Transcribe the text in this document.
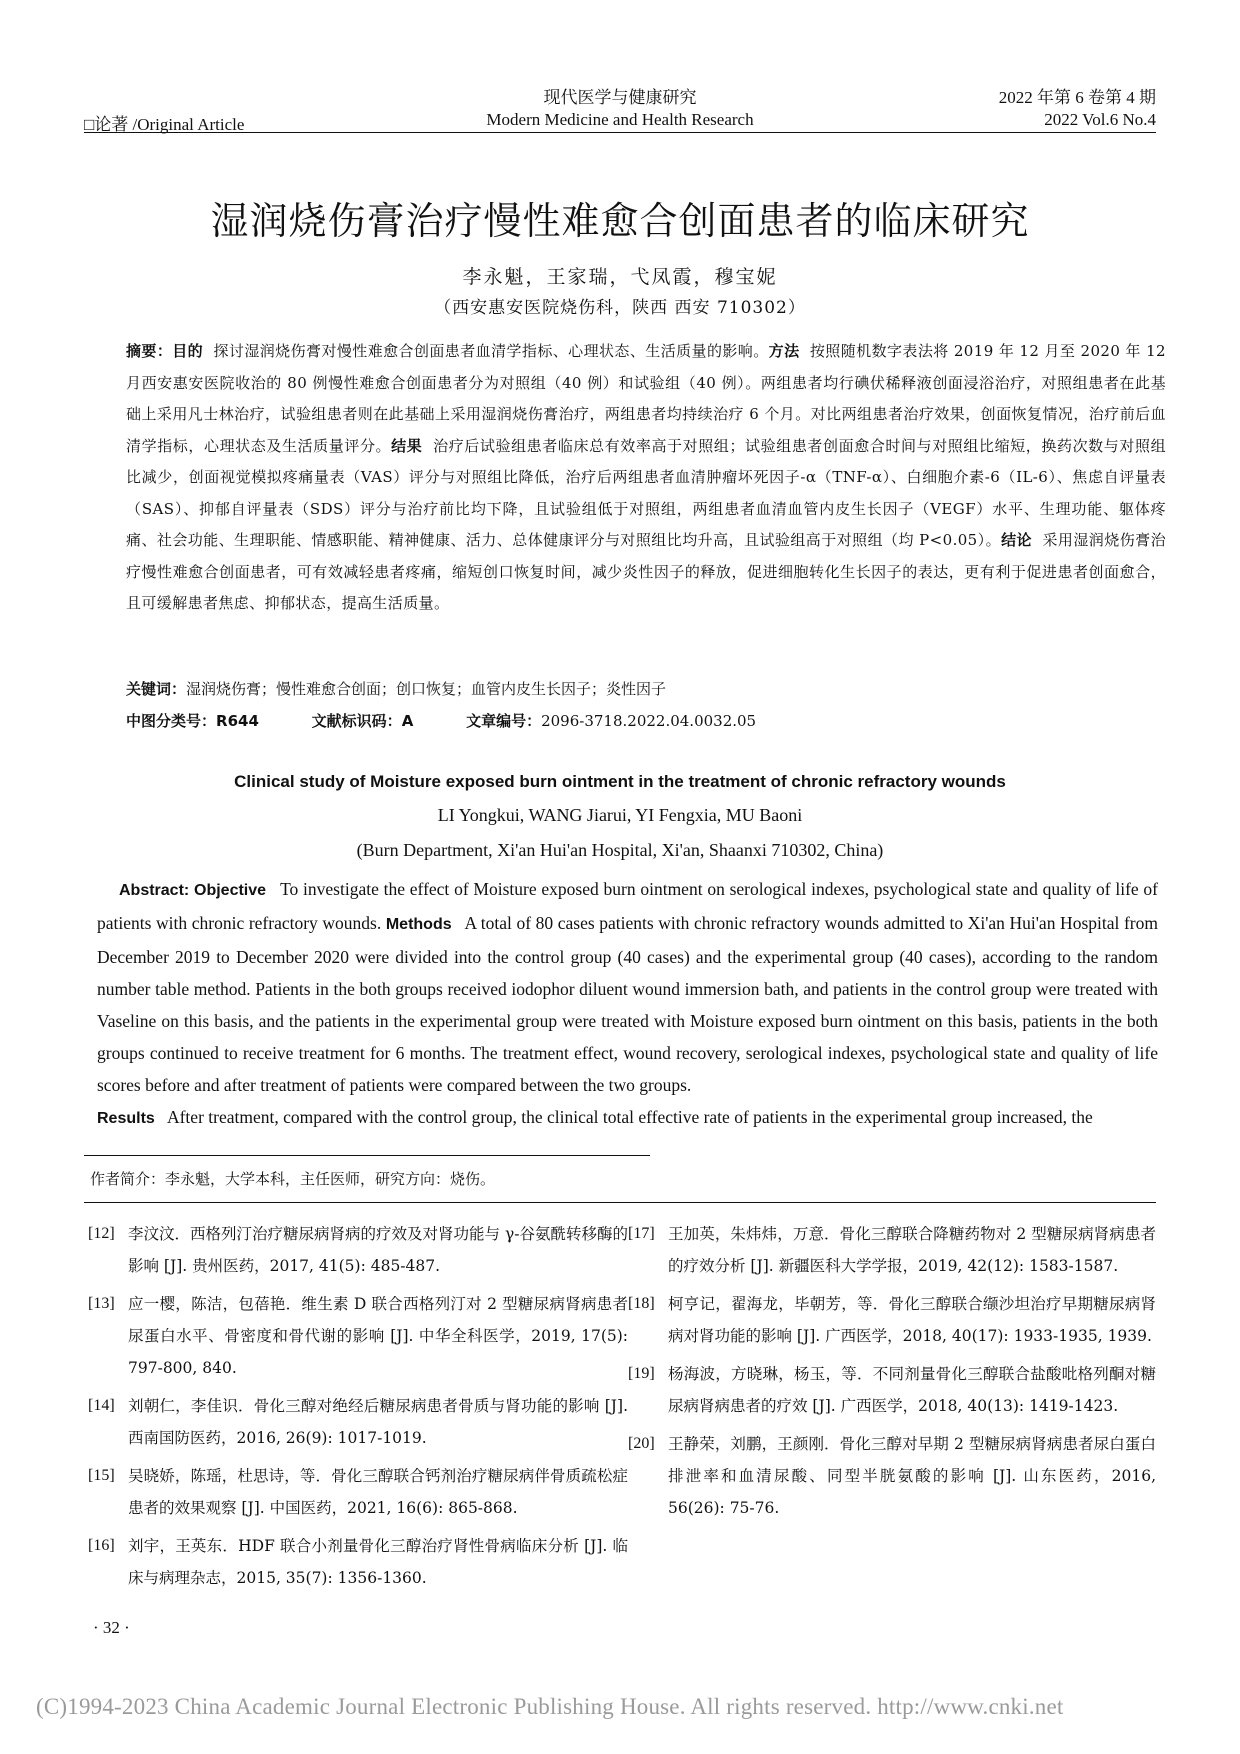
□论著 /Original Article
现代医学与健康研究
Modern Medicine and Health Research
2022 年第 6 卷第 4 期
2022 Vol.6 No.4
湿润烧伤膏治疗慢性难愈合创面患者的临床研究
李永魁，王家瑞，弋凤霞，穆宝妮
（西安惠安医院烧伤科，陕西 西安 710302）

摘要：目的 探讨湿润烧伤膏对慢性难愈合创面患者血清学指标、心理状态、生活质量的影响。方法 按照随机数字表法将 2019 年 12 月至 2020 年 12 月西安惠安医院收治的 80 例慢性难愈合创面患者分为对照组（40 例）和试验组（40 例）。两组患者均行碘伏稀释液创面浸浴治疗，对照组患者在此基础上采用凡士林治疗，试验组患者则在此基础上采用湿润烧伤膏治疗，两组患者均持续治疗 6 个月。对比两组患者治疗效果，创面恢复情况，治疗前后血清学指标，心理状态及生活质量评分。结果 治疗后试验组患者临床总有效率高于对照组；试验组患者创面愈合时间与对照组比缩短，换药次数与对照组比减少，创面视觉模拟疼痛量表（VAS）评分与对照组比降低，治疗后两组患者血清肿瘤坏死因子-α（TNF-α）、白细胞介素-6（IL-6）、焦虑自评量表（SAS）、抑郁自评量表（SDS）评分与治疗前比均下降，且试验组低于对照组，两组患者血清血管内皮生长因子（VEGF）水平、生理功能、躯体疼痛、社会功能、生理职能、情感职能、精神健康、活力、总体健康评分与对照组比均升高，且试验组高于对照组（均 P<0.05）。结论 采用湿润烧伤膏治疗慢性难愈合创面患者，可有效减轻患者疼痛，缩短创口恢复时间，减少炎性因子的释放，促进细胞转化生长因子的表达，更有利于促进患者创面愈合，且可缓解患者焦虑、抑郁状态，提高生活质量。

关键词：湿润烧伤膏；慢性难愈合创面；创口恢复；血管内皮生长因子；炎性因子
中图分类号：R644	文献标识码：A	文章编号：2096-3718.2022.04.0032.05
Clinical study of Moisture exposed burn ointment in the treatment of chronic refractory wounds
LI Yongkui, WANG Jiarui, YI Fengxia, MU Baoni
(Burn Department, Xi'an Hui'an Hospital, Xi'an, Shaanxi 710302, China)

Abstract: Objective To investigate the effect of Moisture exposed burn ointment on serological indexes, psychological state and quality of life of patients with chronic refractory wounds. Methods A total of 80 cases patients with chronic refractory wounds admitted to Xi'an Hui'an Hospital from December 2019 to December 2020 were divided into the control group (40 cases) and the experimental group (40 cases), according to the random number table method. Patients in the both groups received iodophor diluent wound immersion bath, and patients in the control group were treated with Vaseline on this basis, and the patients in the experimental group were treated with Moisture exposed burn ointment on this basis, patients in the both groups continued to receive treatment for 6 months. The treatment effect, wound recovery, serological indexes, psychological state and quality of life scores before and after treatment of patients were compared between the two groups.

Results After treatment, compared with the control group, the clinical total effective rate of patients in the experimental group increased, the

作者简介：李永魁，大学本科，主任医师，研究方向：烧伤。
[12] 李汶汶．西格列汀治疗糖尿病肾病的疗效及对肾功能与 γ-谷氨酰转移酶的影响 [J]. 贵州医药，2017, 41(5): 485-487.
[13] 应一樱，陈洁，包蓓艳．维生素 D 联合西格列汀对 2 型糖尿病肾病患者尿蛋白水平、骨密度和骨代谢的影响 [J]. 中华全科医学，2019, 17(5): 797-800, 840.
[14] 刘朝仁，李佳识．骨化三醇对绝经后糖尿病患者骨质与肾功能的影响 [J]. 西南国防医药，2016, 26(9): 1017-1019.
[15] 吴晓娇，陈瑶，杜思诗，等．骨化三醇联合钙剂治疗糖尿病伴骨质疏松症患者的效果观察 [J]. 中国医药，2021, 16(6): 865-868.
[16] 刘宇，王英东．HDF 联合小剂量骨化三醇治疗肾性骨病临床分析 [J]. 临床与病理杂志，2015, 35(7): 1356-1360.
[17] 王加英，朱炜炜，万意．骨化三醇联合降糖药物对 2 型糖尿病肾病患者的疗效分析 [J]. 新疆医科大学学报，2019, 42(12): 1583-1587.
[18] 柯亨记，翟海龙，毕朝芳，等．骨化三醇联合缬沙坦治疗早期糖尿病肾病对肾功能的影响 [J]. 广西医学，2018, 40(17): 1933-1935, 1939.
[19] 杨海波，方晓琳，杨玉，等．不同剂量骨化三醇联合盐酸吡格列酮对糖尿病肾病患者的疗效 [J]. 广西医学，2018, 40(13): 1419-1423.
[20] 王静荣，刘鹏，王颜刚．骨化三醇对早期 2 型糖尿病肾病患者尿白蛋白排泄率和血清尿酸、同型半胱氨酸的影响 [J]. 山东医药，2016, 56(26): 75-76.
· 32 ·
(C)1994-2023 China Academic Journal Electronic Publishing House. All rights reserved. http://www.cnki.net
